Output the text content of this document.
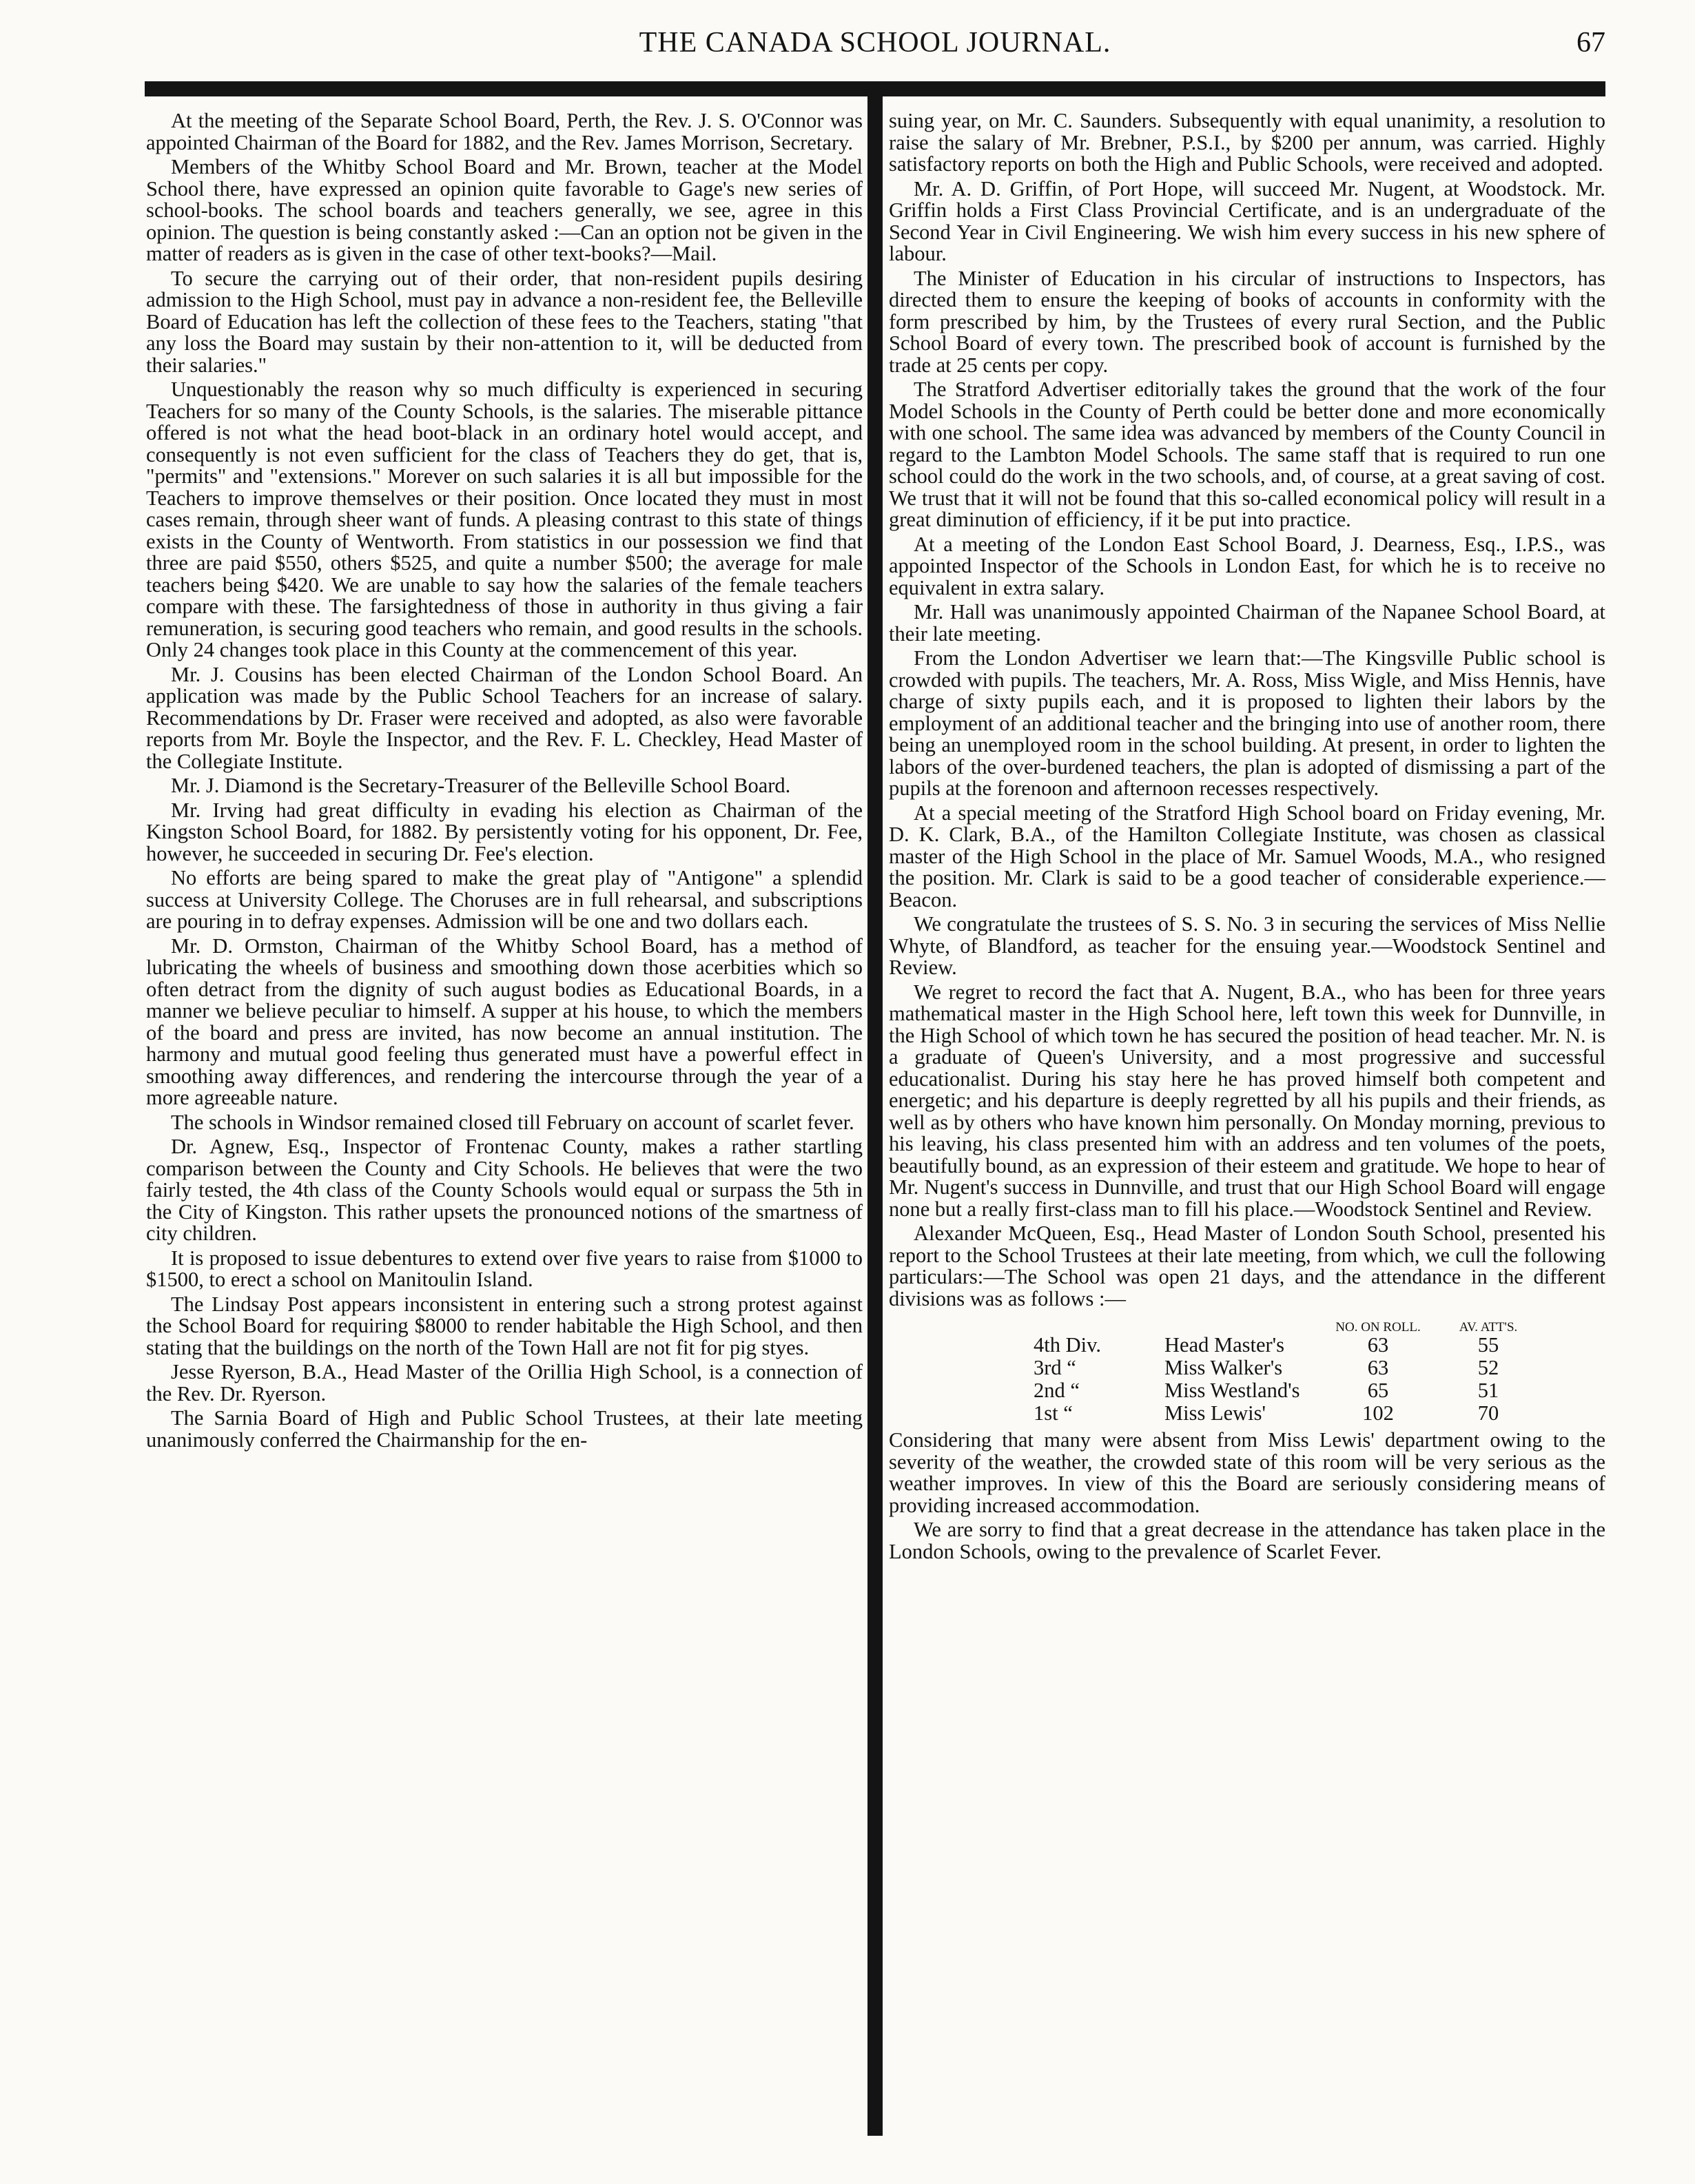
THE CANADA SCHOOL JOURNAL.	67

At the meeting of the Separate School Board, Perth, the Rev. J. S. O'Connor was appointed Chairman of the Board for 1882, and the Rev. James Morrison, Secretary.

Members of the Whitby School Board and Mr. Brown, teacher at the Model School there, have expressed an opinion quite favorable to Gage's new series of school-books. The school boards and teachers generally, we see, agree in this opinion. The question is being constantly asked :—Can an option not be given in the matter of readers as is given in the case of other text-books?—Mail.

To secure the carrying out of their order, that non-resident pupils desiring admission to the High School, must pay in advance a non-resident fee, the Belleville Board of Education has left the collection of these fees to the Teachers, stating "that any loss the Board may sustain by their non-attention to it, will be deducted from their salaries."

Unquestionably the reason why so much difficulty is experienced in securing Teachers for so many of the County Schools, is the salaries. The miserable pittance offered is not what the head boot-black in an ordinary hotel would accept, and consequently is not even sufficient for the class of Teachers they do get, that is, "permits" and "extensions." Morever on such salaries it is all but impossible for the Teachers to improve themselves or their position. Once located they must in most cases remain, through sheer want of funds. A pleasing contrast to this state of things exists in the County of Wentworth. From statistics in our possession we find that three are paid $550, others $525, and quite a number $500; the average for male teachers being $420. We are unable to say how the salaries of the female teachers compare with these. The farsightedness of those in authority in thus giving a fair remuneration, is securing good teachers who remain, and good results in the schools. Only 24 changes took place in this County at the commencement of this year.

Mr. J. Cousins has been elected Chairman of the London School Board. An application was made by the Public School Teachers for an increase of salary. Recommendations by Dr. Fraser were received and adopted, as also were favorable reports from Mr. Boyle the Inspector, and the Rev. F. L. Checkley, Head Master of the Collegiate Institute.

Mr. J. Diamond is the Secretary-Treasurer of the Belleville School Board.

Mr. Irving had great difficulty in evading his election as Chairman of the Kingston School Board, for 1882. By persistently voting for his opponent, Dr. Fee, however, he succeeded in securing Dr. Fee's election.

No efforts are being spared to make the great play of "Antigone" a splendid success at University College. The Choruses are in full rehearsal, and subscriptions are pouring in to defray expenses. Admission will be one and two dollars each.

Mr. D. Ormston, Chairman of the Whitby School Board, has a method of lubricating the wheels of business and smoothing down those acerbities which so often detract from the dignity of such august bodies as Educational Boards, in a manner we believe peculiar to himself. A supper at his house, to which the members of the board and press are invited, has now become an annual institution. The harmony and mutual good feeling thus generated must have a powerful effect in smoothing away differences, and rendering the intercourse through the year of a more agreeable nature.

The schools in Windsor remained closed till February on account of scarlet fever.

Dr. Agnew, Esq., Inspector of Frontenac County, makes a rather startling comparison between the County and City Schools. He believes that were the two fairly tested, the 4th class of the County Schools would equal or surpass the 5th in the City of Kingston. This rather upsets the pronounced notions of the smartness of city children.

It is proposed to issue debentures to extend over five years to raise from $1000 to $1500, to erect a school on Manitoulin Island.

The Lindsay Post appears inconsistent in entering such a strong protest against the School Board for requiring $8000 to render habitable the High School, and then stating that the buildings on the north of the Town Hall are not fit for pig styes.

Jesse Ryerson, B.A., Head Master of the Orillia High School, is a connection of the Rev. Dr. Ryerson.

The Sarnia Board of High and Public School Trustees, at their late meeting unanimously conferred the Chairmanship for the en-

suing year, on Mr. C. Saunders. Subsequently with equal unanimity, a resolution to raise the salary of Mr. Brebner, P.S.I., by $200 per annum, was carried. Highly satisfactory reports on both the High and Public Schools, were received and adopted.

Mr. A. D. Griffin, of Port Hope, will succeed Mr. Nugent, at Woodstock. Mr. Griffin holds a First Class Provincial Certificate, and is an undergraduate of the Second Year in Civil Engineering. We wish him every success in his new sphere of labour.

The Minister of Education in his circular of instructions to Inspectors, has directed them to ensure the keeping of books of accounts in conformity with the form prescribed by him, by the Trustees of every rural Section, and the Public School Board of every town. The prescribed book of account is furnished by the trade at 25 cents per copy.

The Stratford Advertiser editorially takes the ground that the work of the four Model Schools in the County of Perth could be better done and more economically with one school. The same idea was advanced by members of the County Council in regard to the Lambton Model Schools. The same staff that is required to run one school could do the work in the two schools, and, of course, at a great saving of cost. We trust that it will not be found that this so-called economical policy will result in a great diminution of efficiency, if it be put into practice.

At a meeting of the London East School Board, J. Dearness, Esq., I.P.S., was appointed Inspector of the Schools in London East, for which he is to receive no equivalent in extra salary.

Mr. Hall was unanimously appointed Chairman of the Napanee School Board, at their late meeting.

From the London Advertiser we learn that:—The Kingsville Public school is crowded with pupils. The teachers, Mr. A. Ross, Miss Wigle, and Miss Hennis, have charge of sixty pupils each, and it is proposed to lighten their labors by the employment of an additional teacher and the bringing into use of another room, there being an unemployed room in the school building. At present, in order to lighten the labors of the over-burdened teachers, the plan is adopted of dismissing a part of the pupils at the forenoon and afternoon recesses respectively.

At a special meeting of the Stratford High School board on Friday evening, Mr. D. K. Clark, B.A., of the Hamilton Collegiate Institute, was chosen as classical master of the High School in the place of Mr. Samuel Woods, M.A., who resigned the position. Mr. Clark is said to be a good teacher of considerable experience.—Beacon.

We congratulate the trustees of S. S. No. 3 in securing the services of Miss Nellie Whyte, of Blandford, as teacher for the ensuing year.—Woodstock Sentinel and Review.

We regret to record the fact that A. Nugent, B.A., who has been for three years mathematical master in the High School here, left town this week for Dunnville, in the High School of which town he has secured the position of head teacher. Mr. N. is a graduate of Queen's University, and a most progressive and successful educationalist. During his stay here he has proved himself both competent and energetic; and his departure is deeply regretted by all his pupils and their friends, as well as by others who have known him personally. On Monday morning, previous to his leaving, his class presented him with an address and ten volumes of the poets, beautifully bound, as an expression of their esteem and gratitude. We hope to hear of Mr. Nugent's success in Dunnville, and trust that our High School Board will engage none but a really first-class man to fill his place.—Woodstock Sentinel and Review.

Alexander McQueen, Esq., Head Master of London South School, presented his report to the School Trustees at their late meeting, from which, we cull the following particulars:—The School was open 21 days, and the attendance in the different divisions was as follows :—

NO. ON ROLL.	AV. ATT'S.
4th Div.	Head Master's	63	55
3rd “	Miss Walker's	63	52
2nd “	Miss Westland's	65	51
1st “	Miss Lewis'	102	70

Considering that many were absent from Miss Lewis' department owing to the severity of the weather, the crowded state of this room will be very serious as the weather improves. In view of this the Board are seriously considering means of providing increased accommodation.

We are sorry to find that a great decrease in the attendance has taken place in the London Schools, owing to the prevalence of Scarlet Fever.
